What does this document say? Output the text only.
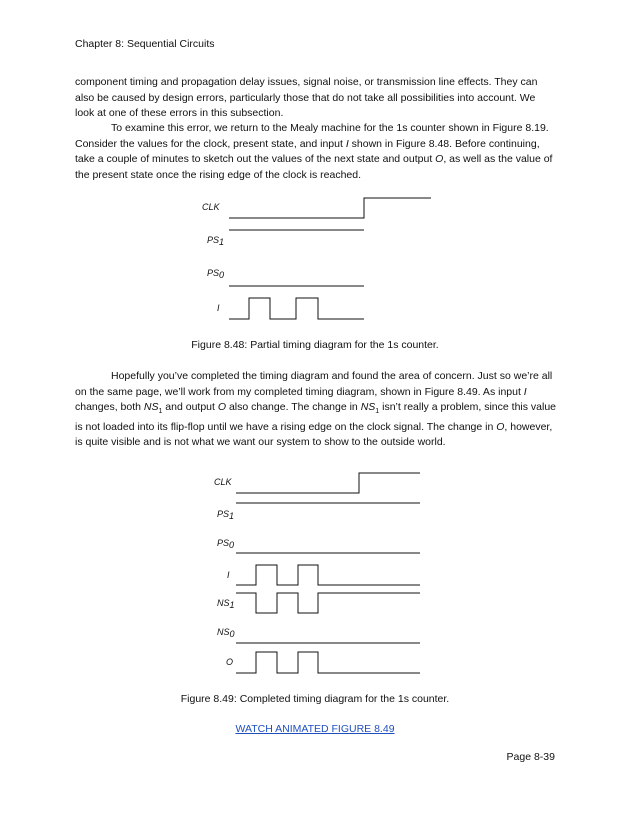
Chapter 8: Sequential Circuits

component timing and propagation delay issues, signal noise, or transmission line effects. They can also be caused by design errors, particularly those that do not take all possibilities into account. We look at one of these errors in this subsection.

To examine this error, we return to the Mealy machine for the 1s counter shown in Figure 8.19. Consider the values for the clock, present state, and input I shown in Figure 8.48. Before continuing, take a couple of minutes to sketch out the values of the next state and output O, as well as the value of the present state once the rising edge of the clock is reached.

CLK
PS1
PS0
I
Figure 8.48: Partial timing diagram for the 1s counter.

Hopefully you’ve completed the timing diagram and found the area of concern. Just so we’re all on the same page, we’ll work from my completed timing diagram, shown in Figure 8.49. As input I changes, both $NS_1$ and output O also change. The change in $NS_1$ isn’t really a problem, since this value is not loaded into its flip-flop until we have a rising edge on the clock signal. The change in O, however, is quite visible and is not what we want our system to show to the outside world.

CLK
PS1
PS0
I
NS1
NS0
O
Figure 8.49: Completed timing diagram for the 1s counter.
WATCH ANIMATED FIGURE 8.49
Page 8-39
